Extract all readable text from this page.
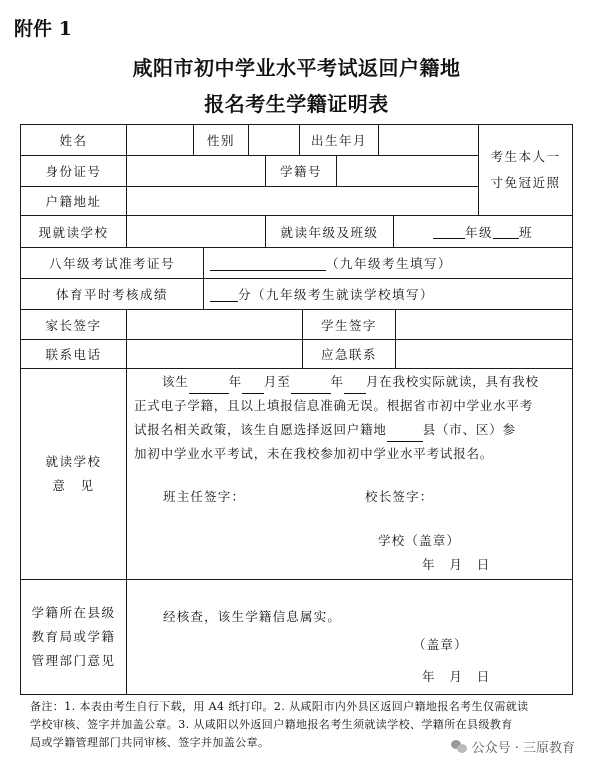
附件 1
咸阳市初中学业水平考试返回户籍地
报名考生学籍证明表
姓名	性别	出生年月
考生本人一
寸免冠近照
身份证号	学籍号
户籍地址
现就读学校	就读年级及班级	年级 班
八年级考试准考证号	（九年级考生填写）
体育平时考核成绩	分 （九年级考生就读学校填写）
家长签字	学生签字
联系电话	应急联系
就读学校
意　见
该生	年 月至	年 月在我校实际就读，具有我校
正式电子学籍，且以上填报信息准确无误。根据省市初中学业水平考
试报名相关政策，该生自愿选择返回户籍地	县（市、区）参
加初中学业水平考试，未在我校参加初中学业水平考试报名。
班主任签字：	校长签字：
学校（盖章）
年　月　日
学籍所在县级
教育局或学籍
管理部门意见
经核查，该生学籍信息属实。
（盖章）
年　月　日
备注：1. 本表由考生自行下载，用 A4 纸打印。2. 从咸阳市内外县区返回户籍地报名考生仅需就读
学校审核、签字并加盖公章。3. 从咸阳以外返回户籍地报名考生须就读学校、学籍所在县级教育
局或学籍管理部门共同审核、签字并加盖公章。	公众号 · 三原教育
